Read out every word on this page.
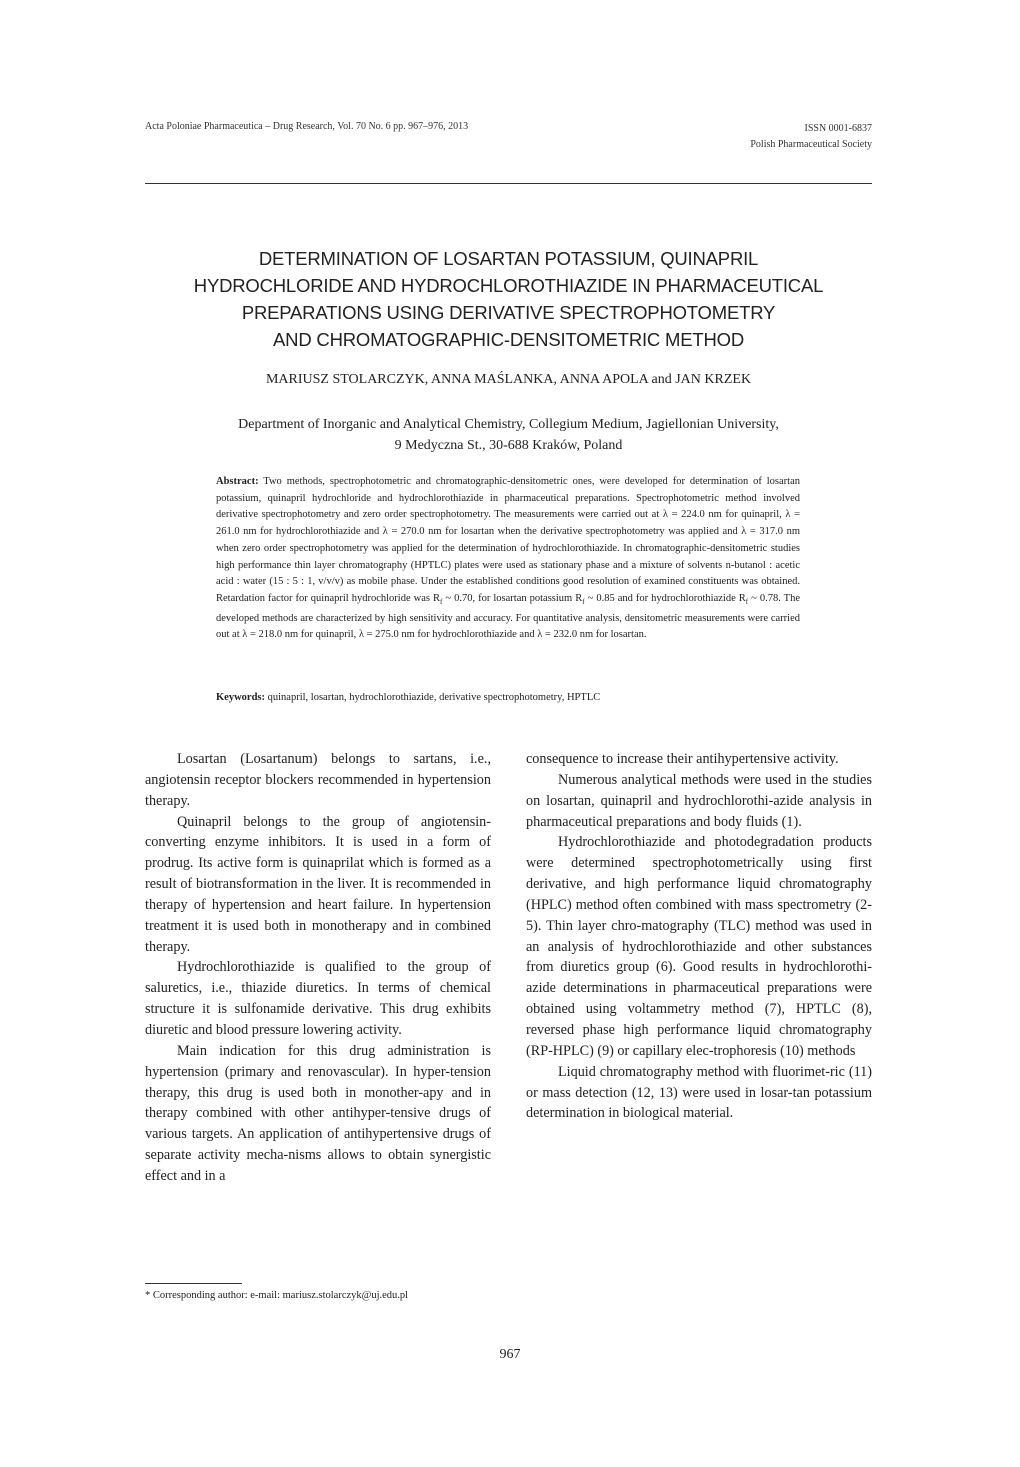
Acta Poloniae Pharmaceutica – Drug Research, Vol. 70 No. 6 pp. 967–976, 2013	ISSN 0001-6837
Polish Pharmaceutical Society
DETERMINATION OF LOSARTAN POTASSIUM, QUINAPRIL
HYDROCHLORIDE AND HYDROCHLOROTHIAZIDE IN PHARMACEUTICAL
PREPARATIONS USING DERIVATIVE SPECTROPHOTOMETRY
AND CHROMATOGRAPHIC-DENSITOMETRIC METHOD
MARIUSZ STOLARCZYK, ANNA MAŚLANKA, ANNA APOLA and JAN KRZEK
Department of Inorganic and Analytical Chemistry, Collegium Medium, Jagiellonian University,
9 Medyczna St., 30-688 Kraków, Poland
Abstract: Two methods, spectrophotometric and chromatographic-densitometric ones, were developed for determination of losartan potassium, quinapril hydrochloride and hydrochlorothiazide in pharmaceutical preparations. Spectrophotometric method involved derivative spectrophotometry and zero order spectrophotometry. The measurements were carried out at λ = 224.0 nm for quinapril, λ = 261.0 nm for hydrochlorothiazide and λ = 270.0 nm for losartan when the derivative spectrophotometry was applied and λ = 317.0 nm when zero order spectrophotometry was applied for the determination of hydrochlorothiazide. In chromatographic-densitometric studies high performance thin layer chromatography (HPTLC) plates were used as stationary phase and a mixture of solvents n-butanol : acetic acid : water (15 : 5 : 1, v/v/v) as mobile phase. Under the established conditions good resolution of examined constituents was obtained. Retardation factor for quinapril hydrochloride was $R_f$ ~ 0.70, for losartan potassium $R_f$ ~ 0.85 and for hydrochlorothiazide $R_f$ ~ 0.78. The developed methods are characterized by high sensitivity and accuracy. For quantitative analysis, densitometric measurements were carried out at λ = 218.0 nm for quinapril, λ = 275.0 nm for hydrochlorothiazide and λ = 232.0 nm for losartan.
Keywords: quinapril, losartan, hydrochlorothiazide, derivative spectrophotometry, HPTLC

Losartan (Losartanum) belongs to sartans, i.e., angiotensin receptor blockers recommended in hypertension therapy.

Quinapril belongs to the group of angiotensin-converting enzyme inhibitors. It is used in a form of prodrug. Its active form is quinaprilat which is formed as a result of biotransformation in the liver. It is recommended in therapy of hypertension and heart failure. In hypertension treatment it is used both in monotherapy and in combined therapy.

Hydrochlorothiazide is qualified to the group of saluretics, i.e., thiazide diuretics. In terms of chemical structure it is sulfonamide derivative. This drug exhibits diuretic and blood pressure lowering activity.

Main indication for this drug administration is hypertension (primary and renovascular). In hyper-tension therapy, this drug is used both in monother-apy and in therapy combined with other antihyper-tensive drugs of various targets. An application of antihypertensive drugs of separate activity mecha-nisms allows to obtain synergistic effect and in a

consequence to increase their antihypertensive activity.

Numerous analytical methods were used in the studies on losartan, quinapril and hydrochlorothi-azide analysis in pharmaceutical preparations and body fluids (1).

Hydrochlorothiazide and photodegradation products were determined spectrophotometrically using first derivative, and high performance liquid chromatography (HPLC) method often combined with mass spectrometry (2-5). Thin layer chro-matography (TLC) method was used in an analysis of hydrochlorothiazide and other substances from diuretics group (6). Good results in hydrochlorothi-azide determinations in pharmaceutical preparations were obtained using voltammetry method (7), HPTLC (8), reversed phase high performance liquid chromatography (RP-HPLC) (9) or capillary elec-trophoresis (10) methods

Liquid chromatography method with fluorimet-ric (11) or mass detection (12, 13) were used in losar-tan potassium determination in biological material.

* Corresponding author: e-mail: mariusz.stolarczyk@uj.edu.pl
967
